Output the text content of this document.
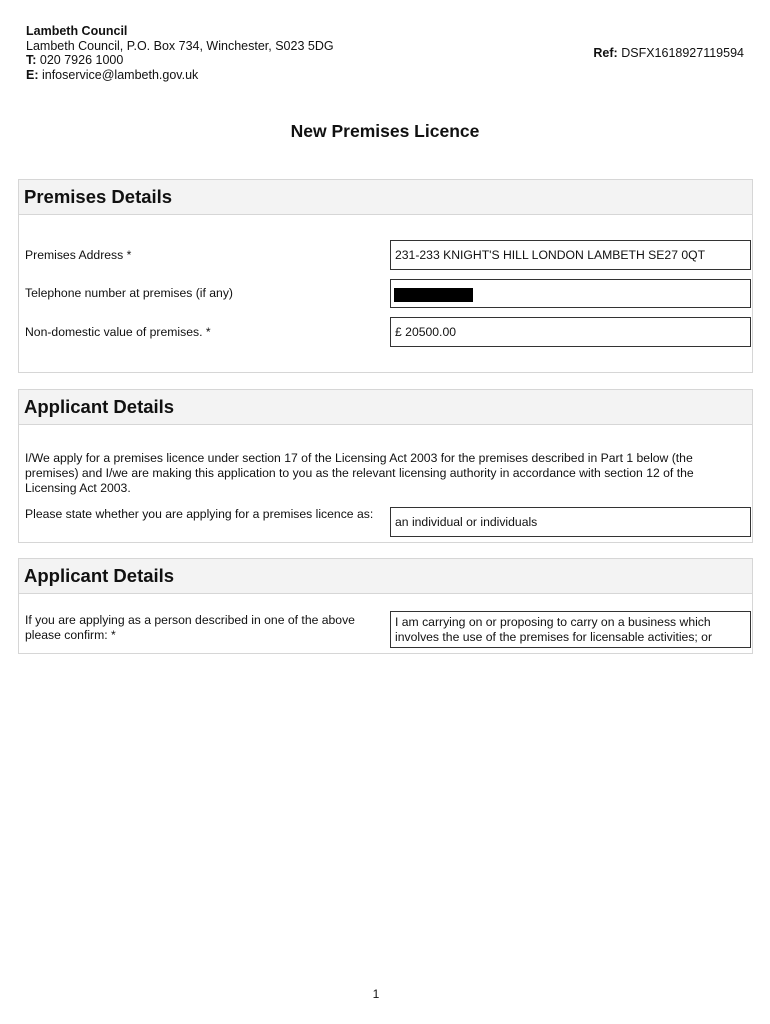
Lambeth Council
Lambeth Council, P.O. Box 734, Winchester, S023 5DG
T: 020 7926 1000
E: infoservice@lambeth.gov.uk
Ref: DSFX1618927119594
New Premises Licence
Premises Details
Premises Address *	231-233 KNIGHT'S HILL LONDON LAMBETH SE27 0QT
Telephone number at premises (if any)
Non-domestic value of premises. *	£ 20500.00
Applicant Details
I/We apply for a premises licence under section 17 of the Licensing Act 2003 for the premises described in Part 1 below (the premises) and I/we are making this application to you as the relevant licensing authority in accordance with section 12 of the Licensing Act 2003.
Please state whether you are applying for a premises licence as:
an individual or individuals
Applicant Details
If you are applying as a person described in one of the above please confirm: *
I am carrying on or proposing to carry on a business which involves the use of the premises for licensable activities; or
1
